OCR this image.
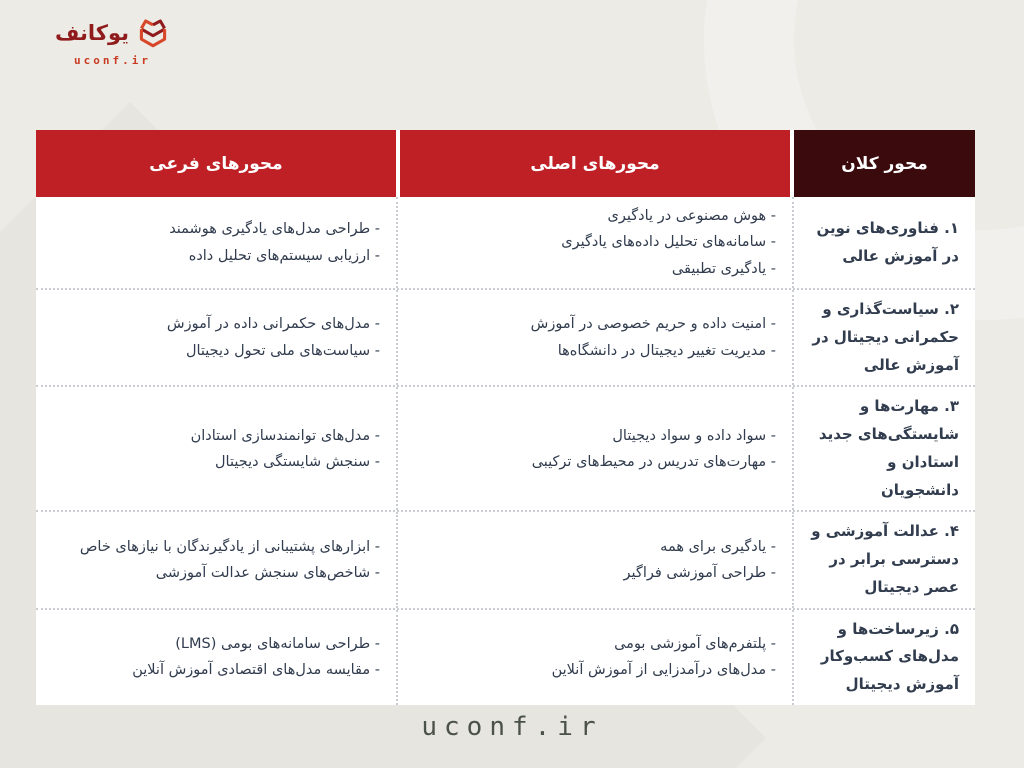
یوکانف
uconf.ir
محور کلان
محورهای اصلی
محورهای فرعی
۱. فناوری‌های نوین در آموزش عالی
- هوش مصنوعی در یادگیری
- سامانه‌های تحلیل داده‌های یادگیری
- یادگیری تطبیقی
- طراحی مدل‌های یادگیری هوشمند
- ارزیابی سیستم‌های تحلیل داده
۲. سیاست‌گذاری و حکمرانی دیجیتال در آموزش عالی
- امنیت داده و حریم خصوصی در آموزش
- مدیریت تغییر دیجیتال در دانشگاه‌ها
- مدل‌های حکمرانی داده در آموزش
- سیاست‌های ملی تحول دیجیتال
۳. مهارت‌ها و شایستگی‌های جدید استادان و دانشجویان
- سواد داده و سواد دیجیتال
- مهارت‌های تدریس در محیط‌های ترکیبی
- مدل‌های توانمندسازی استادان
- سنجش شایستگی دیجیتال
۴. عدالت آموزشی و دسترسی برابر در عصر دیجیتال
- یادگیری برای همه
- طراحی آموزشی فراگیر
- ابزارهای پشتیبانی از یادگیرندگان با نیازهای خاص
- شاخص‌های سنجش عدالت آموزشی
۵. زیرساخت‌ها و مدل‌های کسب‌وکار آموزش دیجیتال
- پلتفرم‌های آموزشی بومی
- مدل‌های درآمدزایی از آموزش آنلاین
- طراحی سامانه‌های بومی (LMS)
- مقایسه مدل‌های اقتصادی آموزش آنلاین
uconf.ir
